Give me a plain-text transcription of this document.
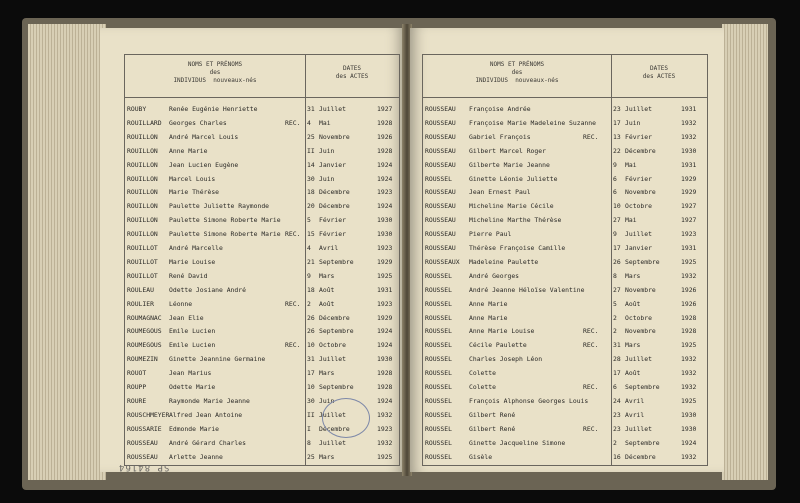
NOMS ET PRÉNOMS
des
INDIVIDUS nouveaux-nés
DATES
des ACTES
ROUBY	Renée Eugénie Henriette	31 Juillet	1927
ROUILLARD Georges Charles	REC. 4 Mai	1928
ROUILLON André Marcel Louis	25 Novembre	1926
ROUILLON Anne Marie	II Juin	1928
ROUILLON Jean Lucien Eugène	14 Janvier	1924
ROUILLON Marcel Louis	30 Juin	1924
ROUILLON Marie Thérèse	18 Décembre	1923
ROUILLON Paulette Juliette Raymonde	20 Décembre	1924
ROUILLON Paulette Simone Roberte Marie	5 Février	1930
ROUILLON Paulette Simone Roberte Marie REC. 15 Février	1930
ROUILLOT André Marcelle	4 Avril	1923
ROUILLOT Marie Louise	21 Septembre	1929
ROUILLOT René David	9 Mars	1925
ROULEAU Odette Josiane André	18 Août	1931
ROULIER Léonne	REC. 2 Août	1923
ROUMAGNAC Jean Elie	26 Décembre	1929
ROUMEGOUS Emile Lucien	26 Septembre	1924
ROUMEGOUS Emile Lucien	REC. 10 Octobre	1924
ROUMEZIN Ginette Jeannine Germaine	31 Juillet	1930
ROUOT	Jean Marius	17 Mars	1928
ROUPP	Odette Marie	10 Septembre	1928
ROURE	Raymonde Marie Jeanne	30 Juin	1924
ROUSCHMEYER Alfred Jean Antoine	II Juillet	1932
ROUSSARIE Edmonde Marie	I Décembre	1923
ROUSSEAU André Gérard Charles	8 Juillet	1932
ROUSSEAU Arlette Jeanne	25 Mars	1925
NOMS ET PRÉNOMS
des
INDIVIDUS nouveaux-nés
DATES
des ACTES
ROUSSEAU Françoise Andrée	23 Juillet	1931
ROUSSEAU Françoise Marie Madeleine Suzanne	17 Juin	1932
ROUSSEAU Gabriel François	REC. 13 Février	1932
ROUSSEAU Gilbert Marcel Roger	22 Décembre	1930
ROUSSEAU Gilberte Marie Jeanne	9 Mai	1931
ROUSSEL	Ginette Léonie Juliette	6 Février	1929
ROUSSEAU Jean Ernest Paul	6 Novembre	1929
ROUSSEAU Micheline Marie Cécile	10 Octobre	1927
ROUSSEAU Micheline Marthe Thérèse	27 Mai	1927
ROUSSEAU Pierre Paul	9 Juillet	1923
ROUSSEAU Thérèse Françoise Camille	17 Janvier	1931
ROUSSEAUX Madeleine Paulette	26 Septembre	1925
ROUSSEL	André Georges	8 Mars	1932
ROUSSEL	André Jeanne Héloïse Valentine	27 Novembre	1926
ROUSSEL	Anne Marie	5 Août	1926
ROUSSEL	Anne Marie	2 Octobre	1928
ROUSSEL	Anne Marie Louise	REC. 2 Novembre	1928
ROUSSEL	Cécile Paulette	REC. 31 Mars	1925
ROUSSEL	Charles Joseph Léon	28 Juillet	1932
ROUSSEL	Colette	17 Août	1932
ROUSSEL	Colette	REC. 6 Septembre	1932
ROUSSEL	François Alphonse Georges Louis	24 Avril	1925
ROUSSEL	Gilbert René	23 Avril	1930
ROUSSEL	Gilbert René	REC. 23 Juillet	1930
ROUSSEL	Ginette Jacqueline Simone	2 Septembre	1924
ROUSSEL	Gisèle	16 Décembre	1932
SP 84164
